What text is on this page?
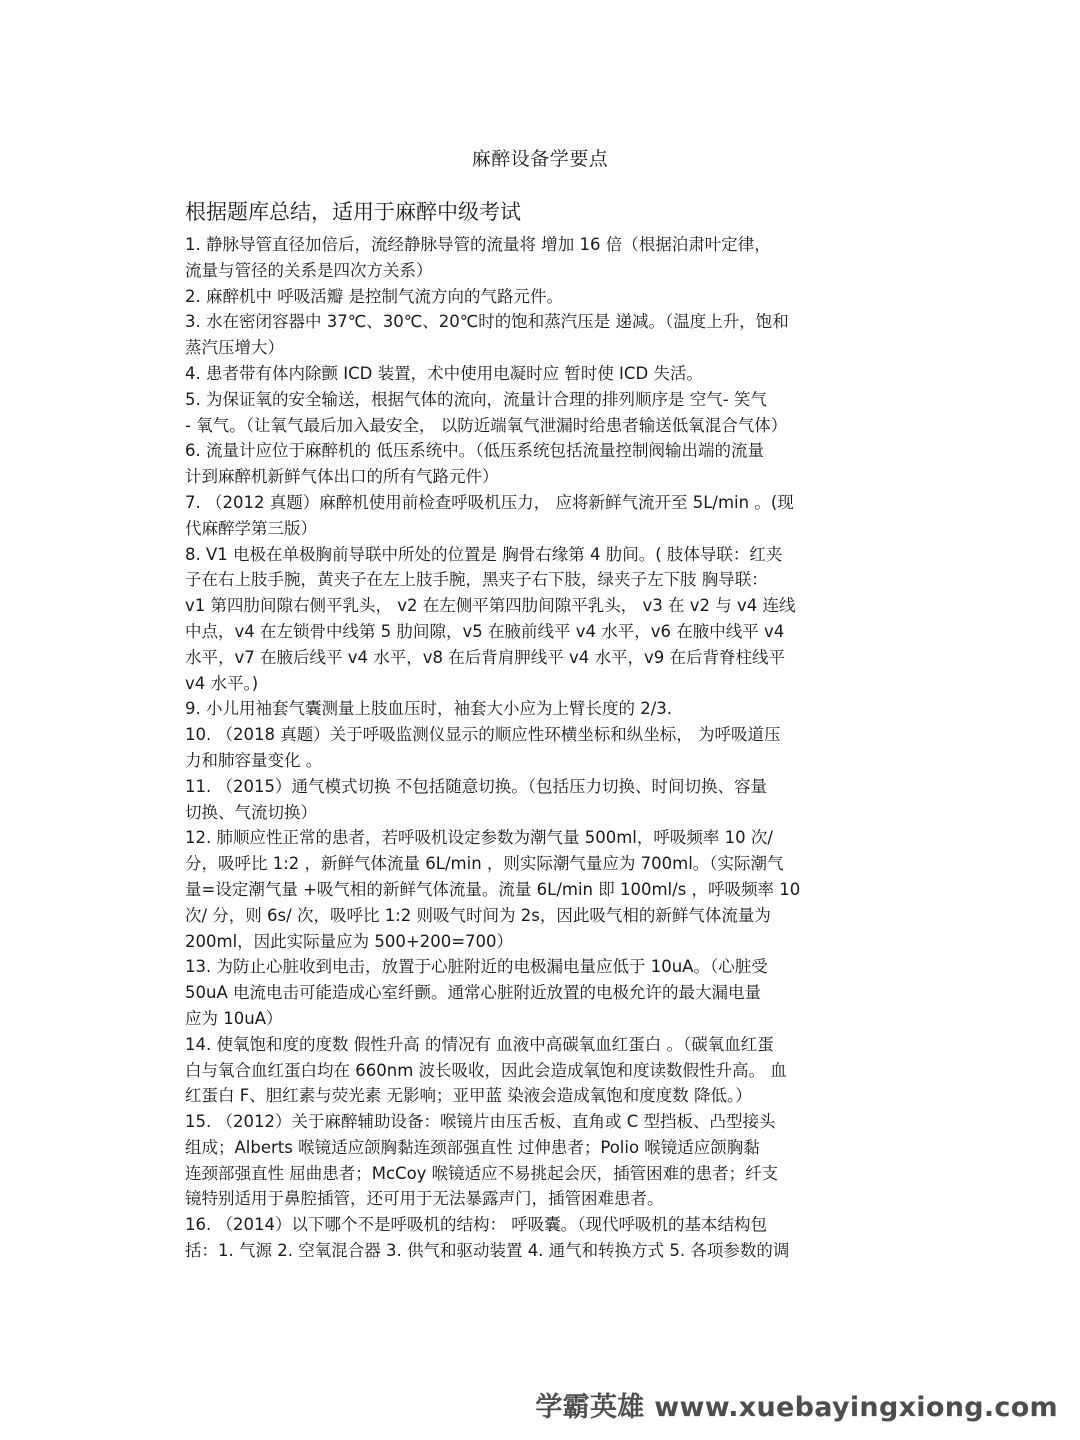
麻醉设备学要点
根据题库总结，适用于麻醉中级考试
1. 静脉导管直径加倍后，流经静脉导管的流量将 增加 16 倍（根据泊肃叶定律，
流量与管径的关系是四次方关系）
2. 麻醉机中 呼吸活瓣 是控制气流方向的气路元件。
3. 水在密闭容器中 37℃、30℃、20℃时的饱和蒸汽压是 递减。（温度上升，饱和
蒸汽压增大）
4. 患者带有体内除颤 ICD 装置，术中使用电凝时应 暂时使 ICD 失活。
5. 为保证氧的安全输送，根据气体的流向，流量计合理的排列顺序是 空气- 笑气
- 氧气。（让氧气最后加入最安全， 以防近端氧气泄漏时给患者输送低氧混合气体）
6. 流量计应位于麻醉机的 低压系统中。（低压系统包括流量控制阀输出端的流量
计到麻醉机新鲜气体出口的所有气路元件）
7. （2012 真题）麻醉机使用前检查呼吸机压力， 应将新鲜气流开至 5L/min 。(现
代麻醉学第三版）
8. V1 电极在单极胸前导联中所处的位置是 胸骨右缘第 4 肋间。( 肢体导联：红夹
子在右上肢手腕，黄夹子在左上肢手腕，黑夹子右下肢，绿夹子左下肢 胸导联：
v1 第四肋间隙右侧平乳头， v2 在左侧平第四肋间隙平乳头， v3 在 v2 与 v4 连线
中点，v4 在左锁骨中线第 5 肋间隙，v5 在腋前线平 v4 水平，v6 在腋中线平 v4
水平，v7 在腋后线平 v4 水平，v8 在后背肩胛线平 v4 水平，v9 在后背脊柱线平
v4 水平。)
9. 小儿用袖套气囊测量上肢血压时，袖套大小应为上臂长度的 2/3.
10. （2018 真题）关于呼吸监测仪显示的顺应性环横坐标和纵坐标， 为呼吸道压
力和肺容量变化 。
11. （2015）通气模式切换 不包括随意切换。（包括压力切换、时间切换、容量
切换、气流切换）
12. 肺顺应性正常的患者，若呼吸机设定参数为潮气量 500ml，呼吸频率 10 次/
分，吸呼比 1:2 ，新鲜气体流量 6L/min ，则实际潮气量应为 700ml。（实际潮气
量=设定潮气量 +吸气相的新鲜气体流量。流量 6L/min 即 100ml/s ，呼吸频率 10
次/ 分，则 6s/ 次，吸呼比 1:2 则吸气时间为 2s，因此吸气相的新鲜气体流量为
200ml，因此实际量应为 500+200=700）
13. 为防止心脏收到电击，放置于心脏附近的电极漏电量应低于 10uA。（心脏受
50uA 电流电击可能造成心室纤颤。通常心脏附近放置的电极允许的最大漏电量
应为 10uA）
14. 使氧饱和度的度数 假性升高 的情况有 血液中高碳氧血红蛋白 。（碳氧血红蛋
白与氧合血红蛋白均在 660nm 波长吸收，因此会造成氧饱和度读数假性升高。 血
红蛋白 F、胆红素与荧光素 无影响；亚甲蓝 染液会造成氧饱和度度数 降低。）
15. （2012）关于麻醉辅助设备：喉镜片由压舌板、直角或 C 型挡板、凸型接头
组成；Alberts 喉镜适应颌胸黏连颈部强直性 过伸患者；Polio 喉镜适应颌胸黏
连颈部强直性 屈曲患者；McCoy 喉镜适应不易挑起会厌，插管困难的患者；纤支
镜特别适用于鼻腔插管，还可用于无法暴露声门，插管困难患者。
16. （2014）以下哪个不是呼吸机的结构： 呼吸囊。（现代呼吸机的基本结构包
括：1. 气源 2. 空氧混合器 3. 供气和驱动装置 4. 通气和转换方式 5. 各项参数的调
学霸英雄 www.xuebayingxiong.com
